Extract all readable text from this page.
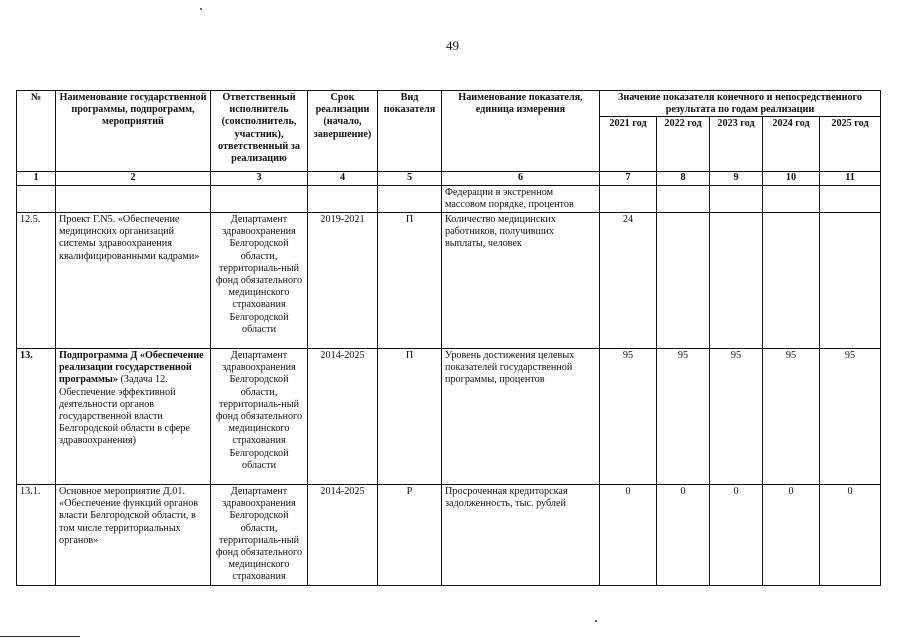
49
№	Наименование государственной программы, подпрограмм, мероприятий	Ответственный исполнитель (соисполнитель, участник), ответственный за реализацию	Срок реализации (начало, завершение)	Вид показателя	Наименование показателя, единица измерения	Значение показателя конечного и непосредственного результата по годам реализации				
						2021 год	2022 год	2023 год	2024 год	2025 год
1	2	3	4	5	6	7	8	9	10	11
					Федерации в экстренном массовом порядке, процентов					
12.5.	Проект Г.N5. «Обеспечение медицинских организаций системы здравоохранения квалифицированными кадрами»	Департамент здравоохранения Белгородской области, территориаль-ный фонд обязательного медицинского страхования Белгородской области	2019-2021	П	Количество медицинских работников, получивших выплаты, человек	24				
13.	Подпрограмма Д «Обеспечение реализации государственной программы» (Задача 12. Обеспечение эффективной деятельности органов государственной власти Белгородской области в сфере здравоохранения)	Департамент здравоохранения Белгородской области, территориаль-ный фонд обязательного медицинского страхования Белгородской области	2014-2025	П	Уровень достижения целевых показателей государственной программы, процентов	95	95	95	95	95
13.1.	Основное мероприятие Д.01. «Обеспечение функций органов власти Белгородской области, в том числе территориальных органов»	Департамент здравоохранения Белгородской области, территориаль-ный фонд обязательного медицинского страхования	2014-2025	Р	Просроченная кредиторская задолженность, тыс. рублей	0	0	0	0	0
